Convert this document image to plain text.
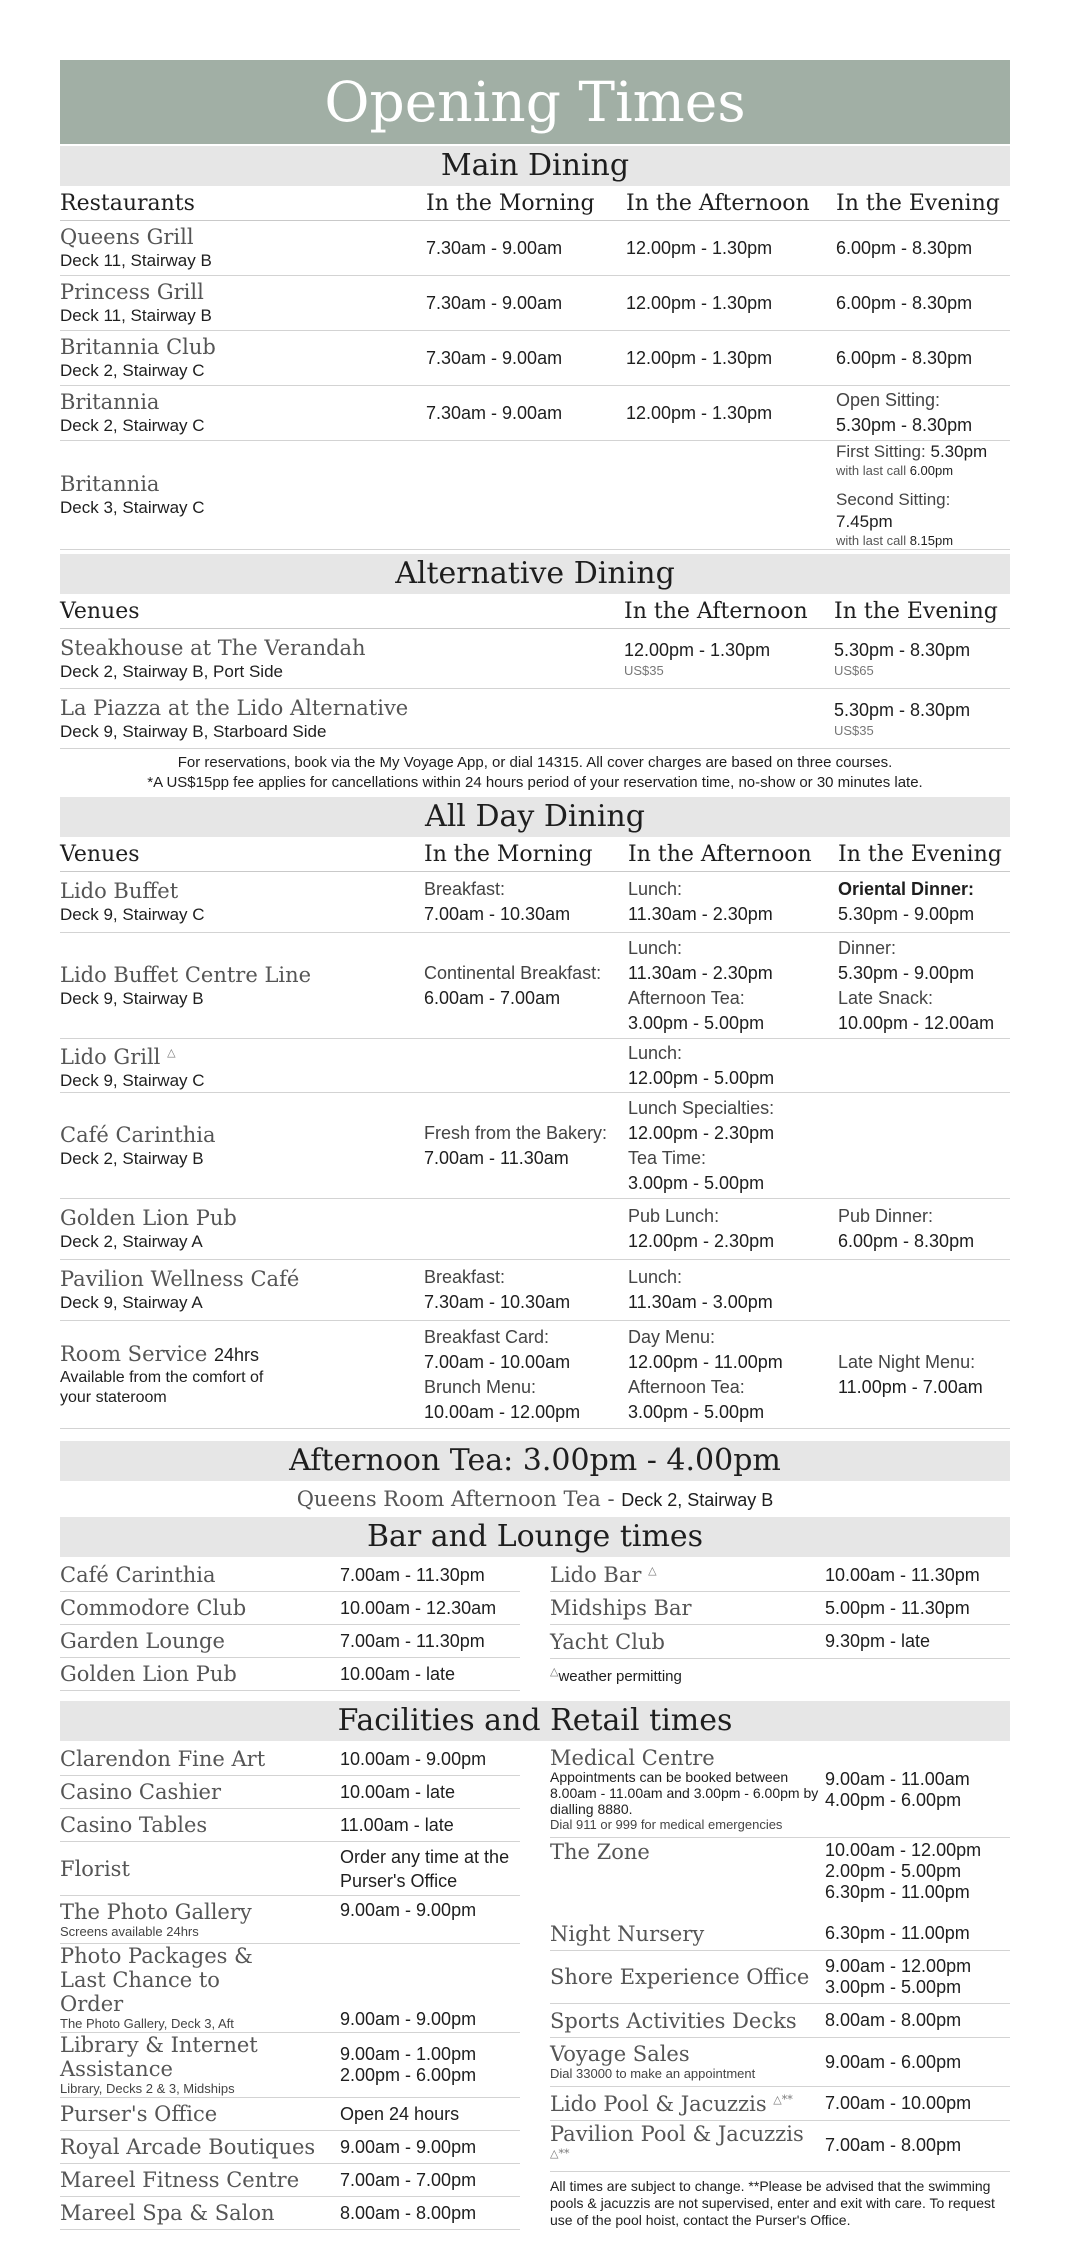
Opening Times
Main Dining
Restaurants	In the Morning	In the Afternoon	In the Evening

Queens Grill
Deck 11, Stairway B	7.30am - 9.00am	12.00pm - 1.30pm	6.00pm - 8.30pm

Princess Grill
Deck 11, Stairway B	7.30am - 9.00am	12.00pm - 1.30pm	6.00pm - 8.30pm

Britannia Club
Deck 2, Stairway C	7.30am - 9.00am	12.00pm - 1.30pm	6.00pm - 8.30pm

Britannia
Deck 2, Stairway C	7.30am - 9.00am	12.00pm - 1.30pm	Open Sitting:
5.30pm - 8.30pm

Britannia
Deck 3, Stairway C			First Sitting: 5.30pm
with last call 6.00pm
Second Sitting: 7.45pm
with last call 8.15pm
Alternative Dining
Venues	In the Afternoon	In the Evening

Steakhouse at The Verandah
Deck 2, Stairway B, Port Side	12.00pm - 1.30pm
US$35	5.30pm - 8.30pm
US$65

La Piazza at the Lido Alternative
Deck 9, Stairway B, Starboard Side		5.30pm - 8.30pm
US$35
For reservations, book via the My Voyage App, or dial 14315. All cover charges are based on three courses.
*A US$15pp fee applies for cancellations within 24 hours period of your reservation time, no-show or 30 minutes late.
All Day Dining
Venues	In the Morning	In the Afternoon	In the Evening

Lido Buffet
Deck 9, Stairway C	Breakfast:
7.00am - 10.30am	Lunch:
11.30am - 2.30pm	Oriental Dinner:
5.30pm - 9.00pm

Lido Buffet Centre Line
Deck 9, Stairway B	Continental Breakfast:
6.00am - 7.00am	Lunch:
11.30am - 2.30pm
Afternoon Tea:
3.00pm - 5.00pm	Dinner:
5.30pm - 9.00pm
Late Snack:
10.00pm - 12.00am

Lido Grill △
Deck 9, Stairway C		Lunch:
12.00pm - 5.00pm	

Café Carinthia
Deck 2, Stairway B	Fresh from the Bakery:
7.00am - 11.30am	Lunch Specialties:
12.00pm - 2.30pm
Tea Time:
3.00pm - 5.00pm	

Golden Lion Pub
Deck 2, Stairway A		Pub Lunch:
12.00pm - 2.30pm	Pub Dinner:
6.00pm - 8.30pm

Pavilion Wellness Café
Deck 9, Stairway A	Breakfast:
7.30am - 10.30am	Lunch:
11.30am - 3.00pm	

Room Service 24hrs
Available from the comfort of your stateroom	Breakfast Card:
7.00am - 10.00am
Brunch Menu:
10.00am - 12.00pm	Day Menu:
12.00pm - 11.00pm
Afternoon Tea:
3.00pm - 5.00pm	Late Night Menu:
11.00pm - 7.00am
Afternoon Tea: 3.00pm - 4.00pm
Queens Room Afternoon Tea - Deck 2, Stairway B
Bar and Lounge times
Café Carinthia	7.00am - 11.30pm
Commodore Club	10.00am - 12.30am
Garden Lounge	7.00am - 11.30pm
Golden Lion Pub	10.00am - late
Lido Bar △	10.00am - 11.30pm
Midships Bar	5.00pm - 11.30pm
Yacht Club	9.30pm - late
△weather permitting	
Facilities and Retail times
Clarendon Fine Art	10.00am - 9.00pm
Casino Cashier	10.00am - late
Casino Tables	11.00am - late
Florist	Order any time at the Purser's Office

The Photo Gallery
Screens available 24hrs	9.00am - 9.00pm

Photo Packages & Last Chance to Order
The Photo Gallery, Deck 3, Aft	9.00am - 9.00pm

Library & Internet Assistance
Library, Decks 2 & 3, Midships	9.00am - 1.00pm
2.00pm - 6.00pm

Purser's Office	Open 24 hours
Royal Arcade Boutiques	9.00am - 9.00pm
Mareel Fitness Centre	7.00am - 7.00pm
Mareel Spa & Salon	8.00am - 8.00pm
Medical Centre
Appointments can be booked between 8.00am - 11.00am and 3.00pm - 6.00pm by dialling 8880.
Dial 911 or 999 for medical emergencies	9.00am - 11.00am
4.00pm - 6.00pm

The Zone	10.00am - 12.00pm
2.00pm - 5.00pm
6.30pm - 11.00pm

Night Nursery	6.30pm - 11.00pm
Shore Experience Office	9.00am - 12.00pm
3.00pm - 5.00pm

Sports Activities Decks	8.00am - 8.00pm

Voyage Sales
Dial 33000 to make an appointment	9.00am - 6.00pm
Lido Pool & Jacuzzis △**	7.00am - 10.00pm
Pavilion Pool & Jacuzzis △**	7.00am - 8.00pm
All times are subject to change. **Please be advised that the swimming pools & jacuzzis are not supervised, enter and exit with care. To request use of the pool hoist, contact the Purser's Office.	
